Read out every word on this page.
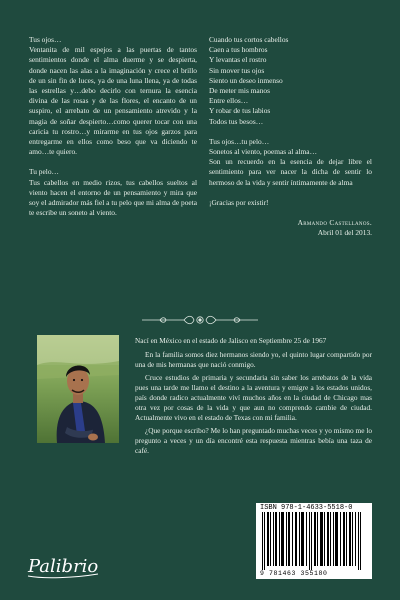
Tus ojos…

Ventanita de mil espejos a las puertas de tantos sentimientos donde el alma duerme y se despierta, donde nacen las alas a la imaginación y crece el brillo de un sin fin de luces, ya de una luna llena, ya de todas las estrellas y…debo decirlo con ternura la esencia divina de las rosas y de las flores, el encanto de un suspiro, el arrebato de un pensamiento atrevido y la magia de soñar despierto…como querer tocar con una caricia tu rostro…y mirarme en tus ojos garzos para entregarme en ellos como beso que va diciendo te amo…te quiero.

Tu pelo…

Tus cabellos en medio rizos, tus cabellos sueltos al viento hacen el entorno de un pensamiento y mira que soy el admirador más fiel a tu pelo que mi alma de poeta te escribe un soneto al viento.

Cuando tus cortos cabellos
Caen a tus hombros
Y levantas el rostro
Sin mover tus ojos
Siento un deseo inmenso
De meter mis manos
Entre ellos…
Y robar de tus labios
Todos tus besos…
Tus ojos…tu pelo…
Sonetos al viento, poemas al alma…

Son un recuerdo en la esencia de dejar libre el sentimiento para ver nacer la dicha de sentir lo hermoso de la vida y sentir íntimamente de alma

¡Gracias por existir!

Armando Castellanos.
Abril 01 del 2013.

Nací en México en el estado de Jalisco en Septiembre 25 de 1967

En la familia somos diez hermanos siendo yo, el quinto lugar compartido por una de mis hermanas que nació conmigo.

Cruce estudios de primaria y secundaria sin saber los arrebatos de la vida pues una tarde me llamo el destino a la aventura y emigre a los estados unidos, país donde radico actualmente viví muchos años en la ciudad de Chicago mas otra vez por cosas de la vida y que aun no comprendo cambie de ciudad. Actualmente vivo en el estado de Texas con mi familia.

¿Que porque escribo? Me lo han preguntado muchas veces y yo mismo me lo pregunto a veces y un día encontré esta respuesta mientras bebía una taza de café.

ISBN 978-1-4633-5518-0
9 781463 355180
Palibrio
